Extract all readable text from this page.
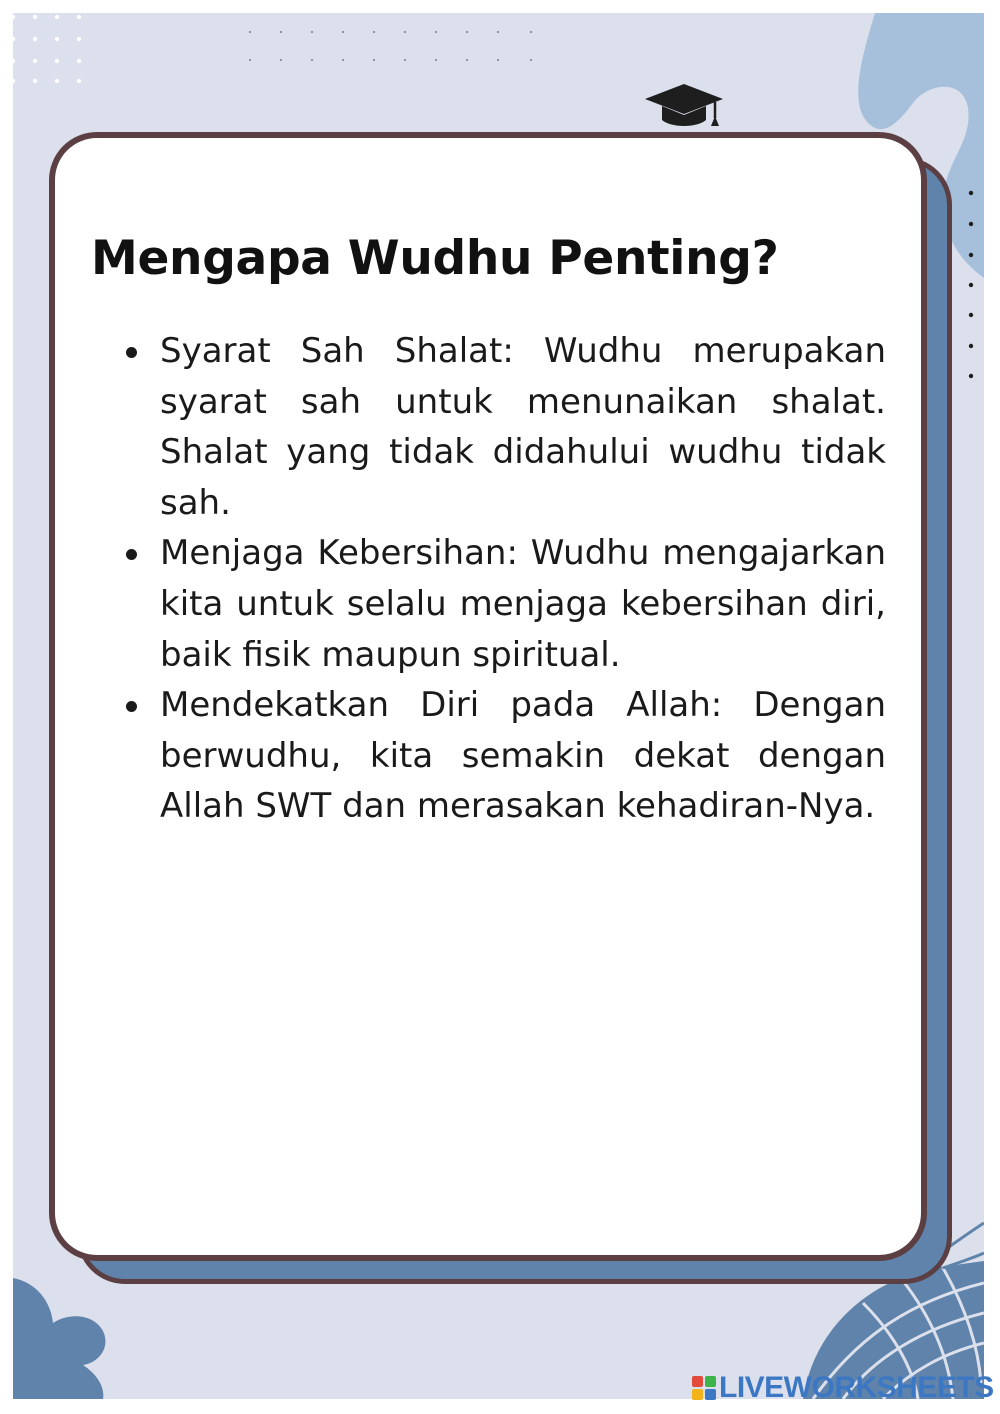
Mengapa Wudhu Penting?
Syarat Sah Shalat: Wudhu merupakan syarat sah untuk menunaikan shalat. Shalat yang tidak didahului wudhu tidak sah.
Menjaga Kebersihan: Wudhu mengajarkan kita untuk selalu menjaga kebersihan diri, baik fisik maupun spiritual.
Mendekatkan Diri pada Allah: Dengan berwudhu, kita semakin dekat dengan Allah SWT dan merasakan kehadiran-Nya.
LIVEWORKSHEETS
